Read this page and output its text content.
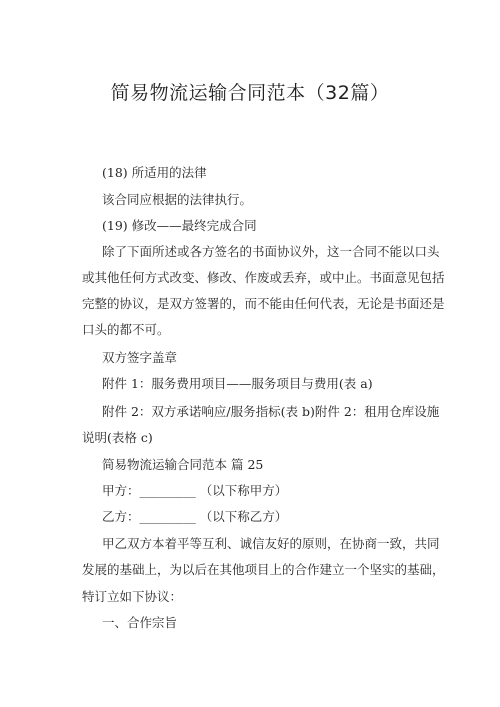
简易物流运输合同范本（32篇）
(18) 所适用的法律
该合同应根据的法律执行。
(19) 修改——最终完成合同
除了下面所述或各方签名的书面协议外，这一合同不能以口头
或其他任何方式改变、修改、作废或丢弃，或中止。书面意见包括
完整的协议，是双方签署的，而不能由任何代表，无论是书面还是
口头的都不可。
双方签字盖章
附件 1：服务费用项目——服务项目与费用(表 a)
附件 2：双方承诺响应/服务指标(表 b)附件 2：租用仓库设施
说明(表格 c)
简易物流运输合同范本 篇 25
甲方：_________ （以下称甲方）
乙方：_________ （以下称乙方）
甲乙双方本着平等互利、诚信友好的原则，在协商一致，共同
发展的基础上，为以后在其他项目上的合作建立一个坚实的基础，
特订立如下协议：
一、合作宗旨
